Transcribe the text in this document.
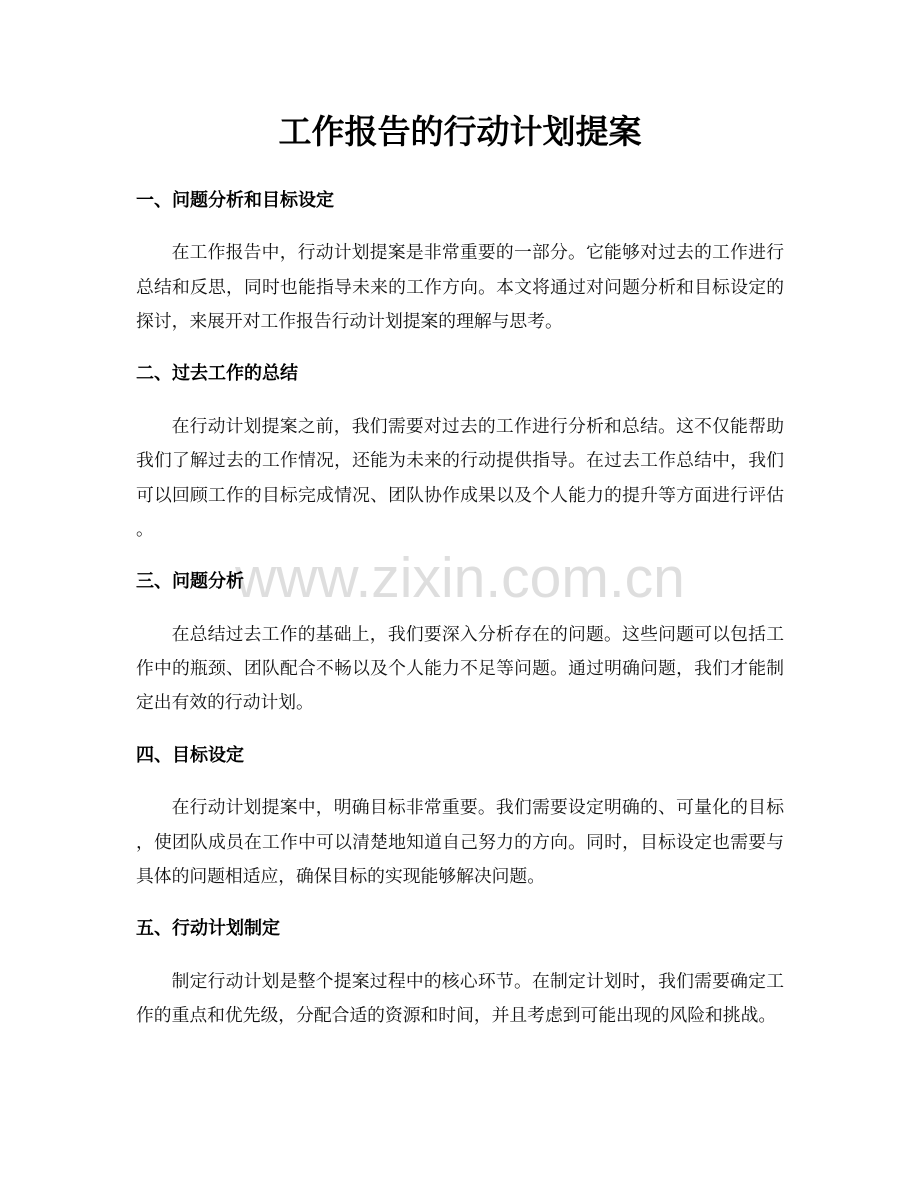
www.zixin.com.cn
工作报告的行动计划提案
一、问题分析和目标设定
在工作报告中，行动计划提案是非常重要的一部分。它能够对过去的工作进行
总结和反思，同时也能指导未来的工作方向。本文将通过对问题分析和目标设定的
探讨，来展开对工作报告行动计划提案的理解与思考。
二、过去工作的总结
在行动计划提案之前，我们需要对过去的工作进行分析和总结。这不仅能帮助
我们了解过去的工作情况，还能为未来的行动提供指导。在过去工作总结中，我们
可以回顾工作的目标完成情况、团队协作成果以及个人能力的提升等方面进行评估
。
三、问题分析
在总结过去工作的基础上，我们要深入分析存在的问题。这些问题可以包括工
作中的瓶颈、团队配合不畅以及个人能力不足等问题。通过明确问题，我们才能制
定出有效的行动计划。
四、目标设定
在行动计划提案中，明确目标非常重要。我们需要设定明确的、可量化的目标
，使团队成员在工作中可以清楚地知道自己努力的方向。同时，目标设定也需要与
具体的问题相适应，确保目标的实现能够解决问题。
五、行动计划制定
制定行动计划是整个提案过程中的核心环节。在制定计划时，我们需要确定工
作的重点和优先级，分配合适的资源和时间，并且考虑到可能出现的风险和挑战。
